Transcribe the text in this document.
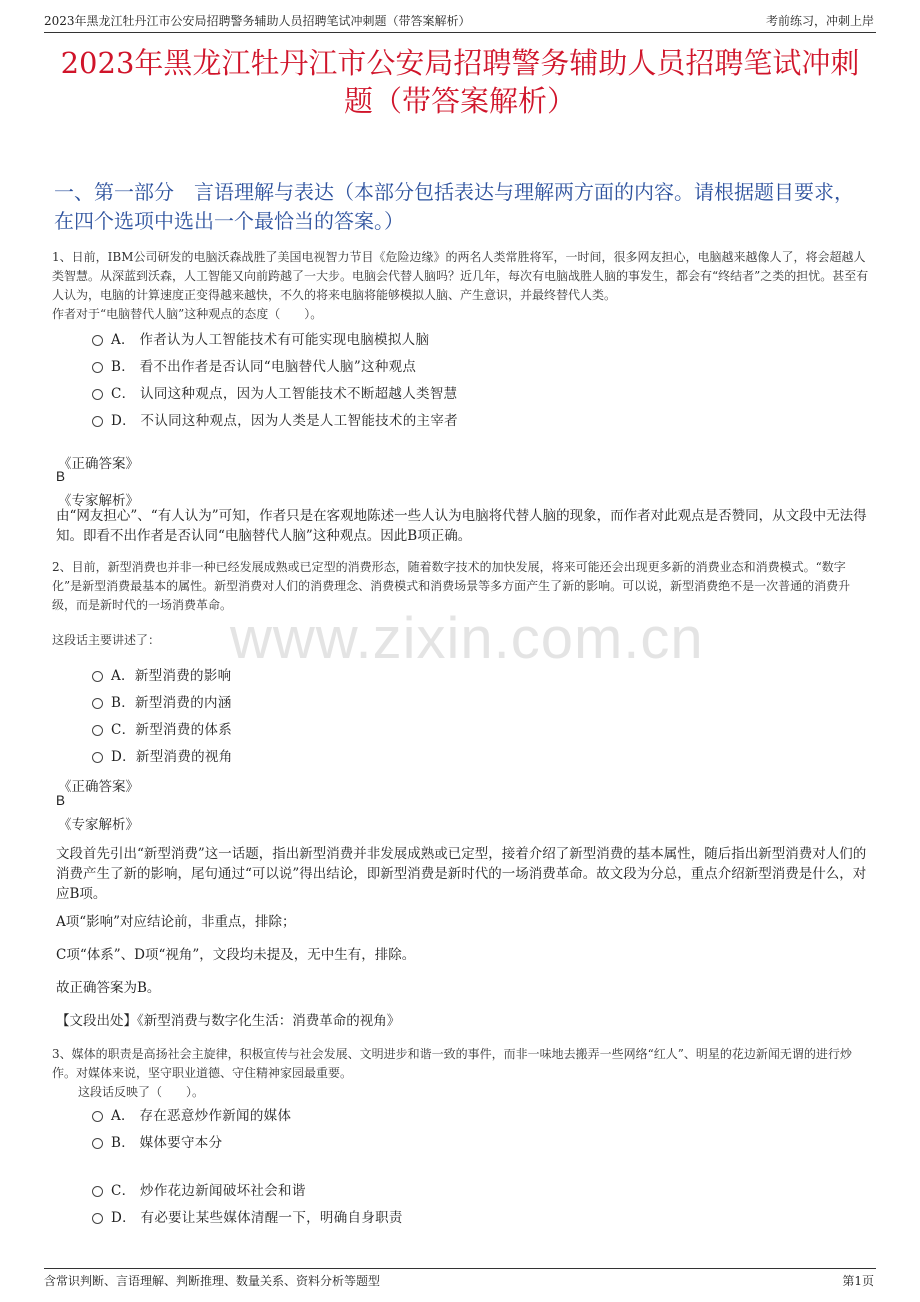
2023年黑龙江牡丹江市公安局招聘警务辅助人员招聘笔试冲刺题（带答案解析）	考前练习，冲刺上岸
2023年黑龙江牡丹江市公安局招聘警务辅助人员招聘笔试冲刺题（带答案解析）
一、第一部分　言语理解与表达（本部分包括表达与理解两方面的内容。请根据题目要求，在四个选项中选出一个最恰当的答案。）
1、日前，IBM公司研发的电脑沃森战胜了美国电视智力节目《危险边缘》的两名人类常胜将军，一时间，很多网友担心，电脑越来越像人了，将会超越人类智慧。从深蓝到沃森，人工智能又向前跨越了一大步。电脑会代替人脑吗？近几年，每次有电脑战胜人脑的事发生，都会有“终结者”之类的担忧。甚至有人认为，电脑的计算速度正变得越来越快，不久的将来电脑将能够模拟人脑、产生意识，并最终替代人类。
作者对于“电脑替代人脑”这种观点的态度（　　）。
A． 作者认为人工智能技术有可能实现电脑模拟人脑
B． 看不出作者是否认同“电脑替代人脑”这种观点
C． 认同这种观点，因为人工智能技术不断超越人类智慧
D． 不认同这种观点，因为人类是人工智能技术的主宰者
《正确答案》
B
《专家解析》
由“网友担心”、“有人认为”可知，作者只是在客观地陈述一些人认为电脑将代替人脑的现象，而作者对此观点是否赞同，从文段中无法得知。即看不出作者是否认同“电脑替代人脑”这种观点。因此B项正确。
2、目前，新型消费也并非一种已经发展成熟或已定型的消费形态，随着数字技术的加快发展，将来可能还会出现更多新的消费业态和消费模式。“数字化”是新型消费最基本的属性。新型消费对人们的消费理念、消费模式和消费场景等多方面产生了新的影响。可以说，新型消费绝不是一次普通的消费升级，而是新时代的一场消费革命。
www.zixin.com.cn
这段话主要讲述了：
A．新型消费的影响
B．新型消费的内涵
C．新型消费的体系
D．新型消费的视角
《正确答案》
B
《专家解析》
文段首先引出“新型消费”这一话题，指出新型消费并非发展成熟或已定型，接着介绍了新型消费的基本属性，随后指出新型消费对人们的消费产生了新的影响，尾句通过“可以说”得出结论，即新型消费是新时代的一场消费革命。故文段为分总，重点介绍新型消费是什么，对应B项。
A项“影响”对应结论前，非重点，排除；
C项“体系”、D项“视角”，文段均未提及，无中生有，排除。
故正确答案为B。
【文段出处】《新型消费与数字化生活：消费革命的视角》
3、媒体的职责是高扬社会主旋律，积极宣传与社会发展、文明进步和谐一致的事件，而非一味地去搬弄一些网络“红人”、明星的花边新闻无谓的进行炒作。对媒体来说，坚守职业道德、守住精神家园最重要。
这段话反映了（　　）。
A． 存在恶意炒作新闻的媒体
B． 媒体要守本分
C． 炒作花边新闻破坏社会和谐
D． 有必要让某些媒体清醒一下，明确自身职责
含常识判断、言语理解、判断推理、数量关系、资料分析等题型	第1页
